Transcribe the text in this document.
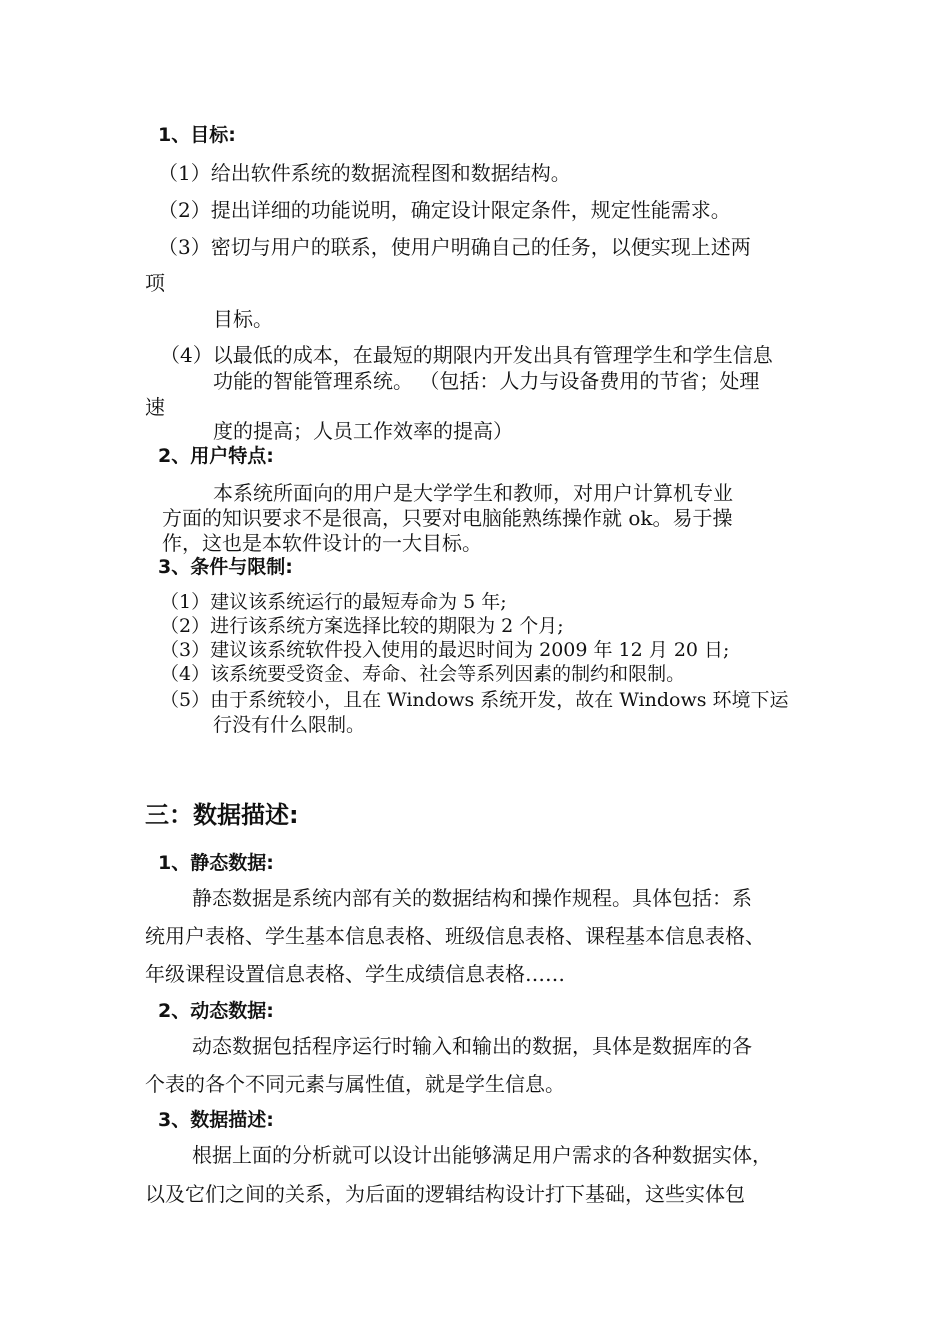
1、目标:
（1）给出软件系统的数据流程图和数据结构。
（2）提出详细的功能说明，确定设计限定条件，规定性能需求。
（3）密切与用户的联系，使用户明确自己的任务，以便实现上述两
项
目标。
（4）以最低的成本，在最短的期限内开发出具有管理学生和学生信息
功能的智能管理系统。 （包括：人力与设备费用的节省；处理
速
度的提高；人员工作效率的提高）
2、用户特点:
本系统所面向的用户是大学学生和教师，对用户计算机专业
方面的知识要求不是很高，只要对电脑能熟练操作就 ok。易于操
作，这也是本软件设计的一大目标。
3、条件与限制:
（1）建议该系统运行的最短寿命为 5 年;
（2）进行该系统方案选择比较的期限为 2 个月;
（3）建议该系统软件投入使用的最迟时间为 2009 年 12 月 20 日;
（4）该系统要受资金、寿命、社会等系列因素的制约和限制。
（5）由于系统较小，且在 Windows 系统开发，故在 Windows 环境下运
行没有什么限制。
三：数据描述:
1、静态数据:
静态数据是系统内部有关的数据结构和操作规程。具体包括：系
统用户表格、学生基本信息表格、班级信息表格、课程基本信息表格、
年级课程设置信息表格、学生成绩信息表格……
2、动态数据:
动态数据包括程序运行时输入和输出的数据，具体是数据库的各
个表的各个不同元素与属性值，就是学生信息。
3、数据描述:
根据上面的分析就可以设计出能够满足用户需求的各种数据实体，
以及它们之间的关系，为后面的逻辑结构设计打下基础，这些实体包
